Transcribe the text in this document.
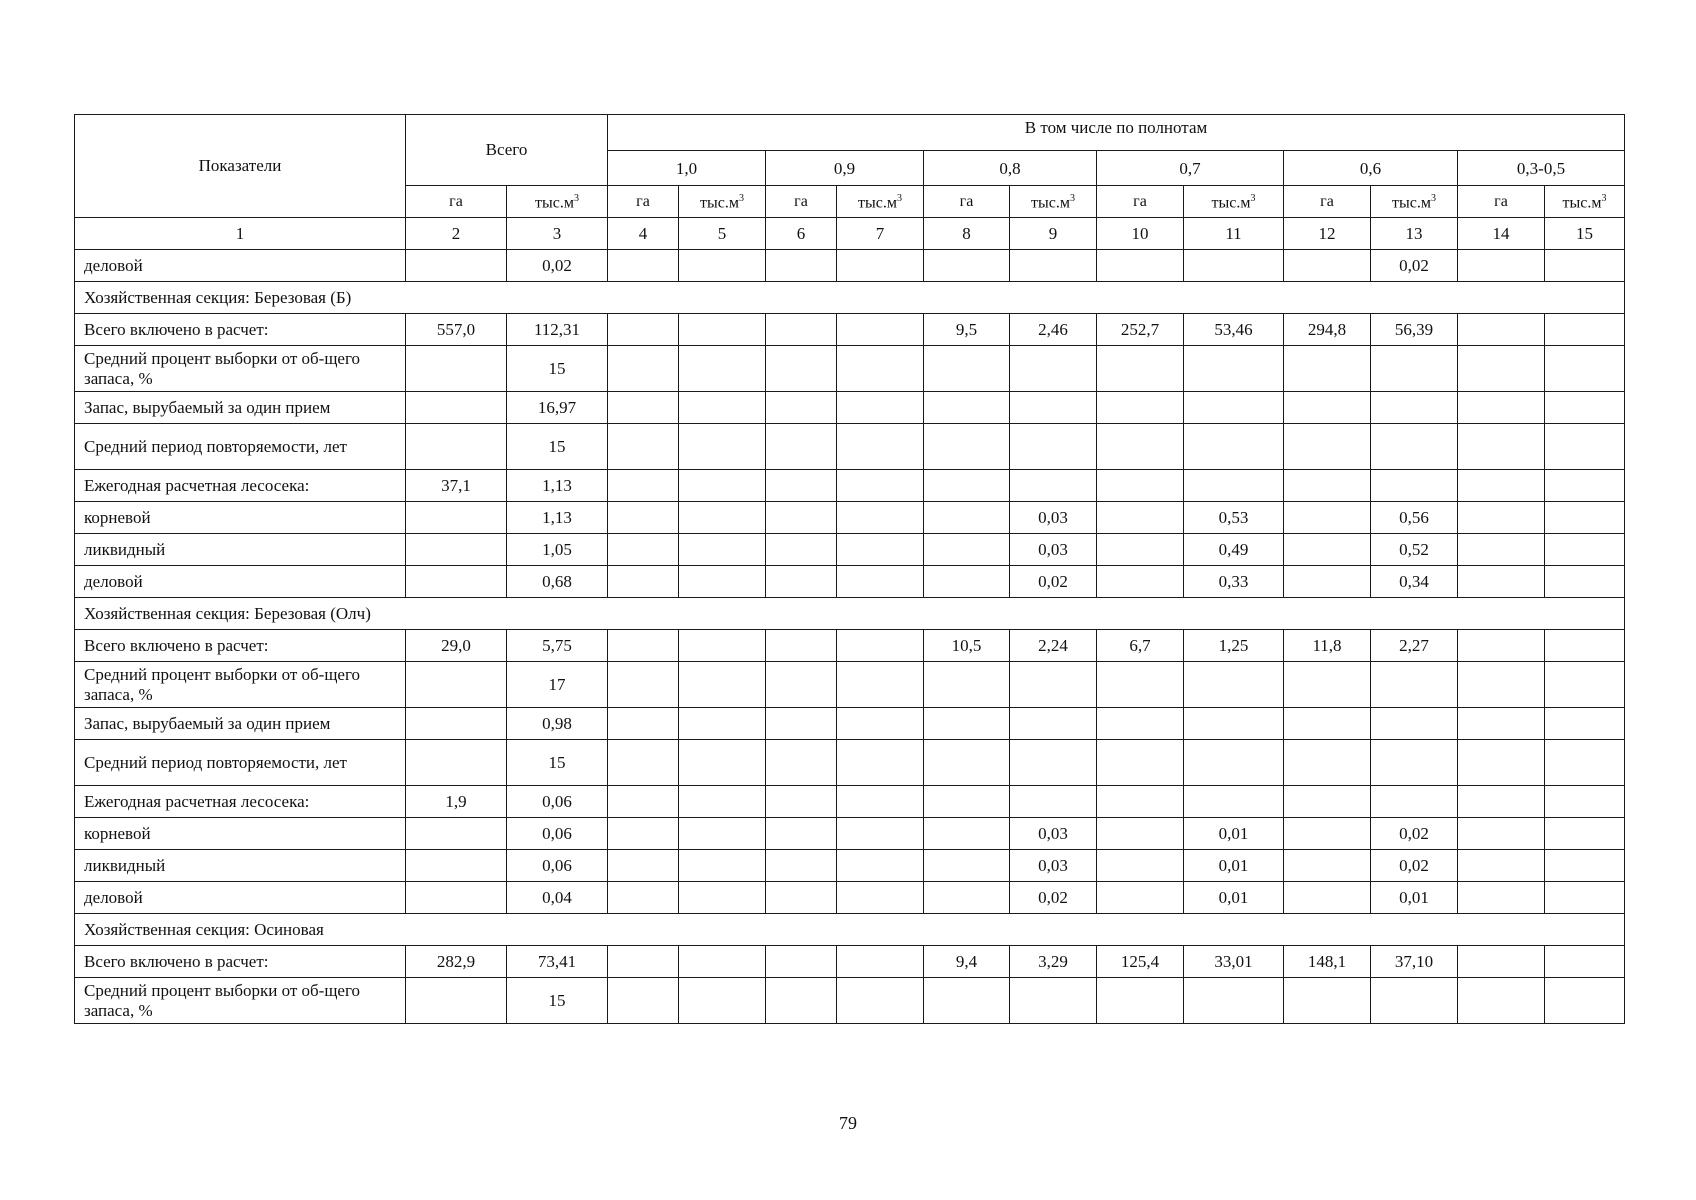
Показатели	Всего		В том числе по полнотам											
			1,0		0,9		0,8		0,7		0,6		0,3-0,5	
	га	$тыс.м^3$	га	$тыс.м^3$	га	$тыс.м^3$	га	$тыс.м^3$	га	$тыс.м^3$	га	$тыс.м^3$	га	$тыс.м^3$
1	2	3	4	5	6	7	8	9	10	11	12	13	14	15
деловой		0,02										0,02		
Хозяйственная секция: Березовая (Б)														
Всего включено в расчет:	557,0	112,31					9,5	2,46	252,7	53,46	294,8	56,39		
Средний процент выборки от об-щего запаса, %		15												
Запас, вырубаемый за один прием		16,97												
Средний период повторяемости, лет		15												
Ежегодная расчетная лесосека:	37,1	1,13												
корневой		1,13						0,03		0,53		0,56		
ликвидный		1,05						0,03		0,49		0,52		
деловой		0,68						0,02		0,33		0,34		
Хозяйственная секция: Березовая (Олч)														
Всего включено в расчет:	29,0	5,75					10,5	2,24	6,7	1,25	11,8	2,27		
Средний процент выборки от об-щего запаса, %		17												
Запас, вырубаемый за один прием		0,98												
Средний период повторяемости, лет		15												
Ежегодная расчетная лесосека:	1,9	0,06												
корневой		0,06						0,03		0,01		0,02		
ликвидный		0,06						0,03		0,01		0,02		
деловой		0,04						0,02		0,01		0,01		
Хозяйственная секция: Осиновая														
Всего включено в расчет:	282,9	73,41					9,4	3,29	125,4	33,01	148,1	37,10		
Средний процент выборки от об-щего запаса, %		15												
79
